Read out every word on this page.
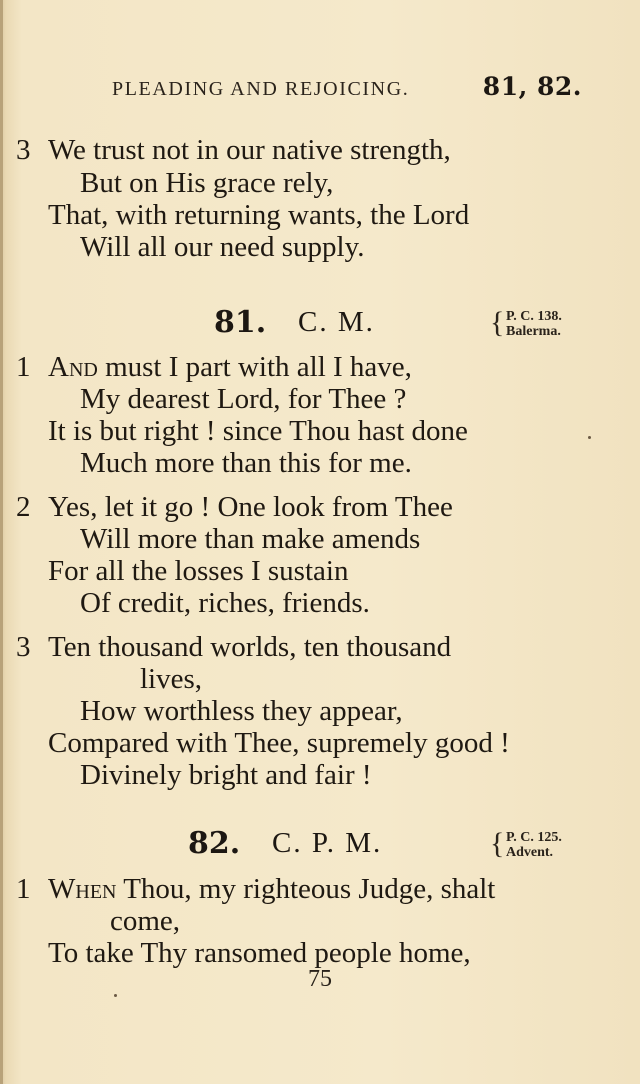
PLEADING AND REJOICING.	81, 82.
3 We trust not in our native strength,
But on His grace rely,
That, with returning wants, the Lord
Will all our need supply.
81. C. M.	{ P. C. 138.
Balerma.
1 And must I part with all I have,
My dearest Lord, for Thee ?
It is but right ! since Thou hast done
Much more than this for me.
2 Yes, let it go ! One look from Thee
Will more than make amends
For all the losses I sustain
Of credit, riches, friends.
3 Ten thousand worlds, ten thousand
lives,
How worthless they appear,
Compared with Thee, supremely good !
Divinely bright and fair !
82. C. P. M.	{ P. C. 125.
Advent.
1 When Thou, my righteous Judge, shalt
come,
To take Thy ransomed people home,
75
